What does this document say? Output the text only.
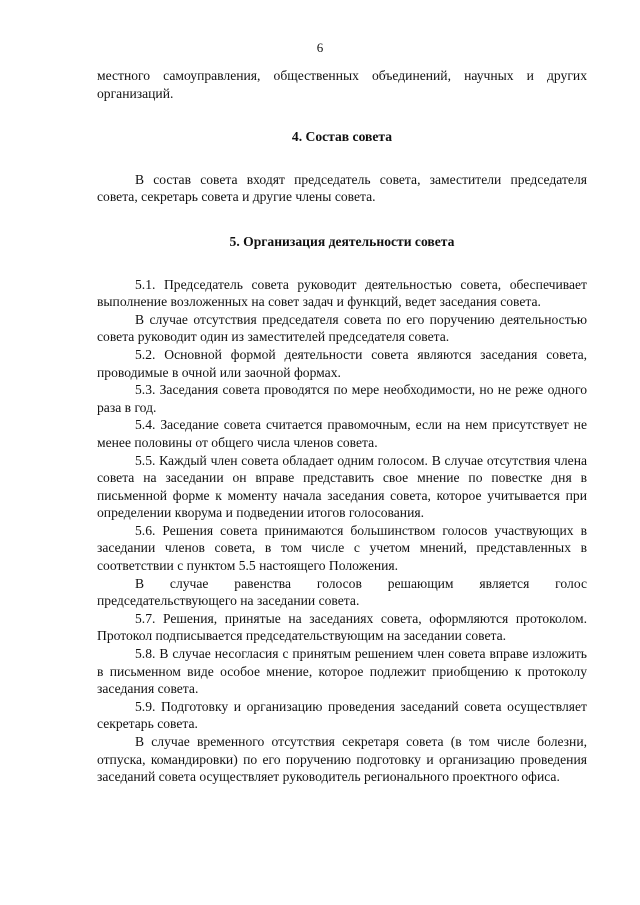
6

местного самоуправления, общественных объединений, научных и других организаций.

4. Состав совета

В состав совета входят председатель совета, заместители председателя совета, секретарь совета и другие члены совета.

5. Организация деятельности совета

5.1. Председатель совета руководит деятельностью совета, обеспечивает выполнение возложенных на совет задач и функций, ведет заседания совета.

В случае отсутствия председателя совета по его поручению деятельностью совета руководит один из заместителей председателя совета.

5.2. Основной формой деятельности совета являются заседания совета, проводимые в очной или заочной формах.

5.3. Заседания совета проводятся по мере необходимости, но не реже одного раза в год.

5.4. Заседание совета считается правомочным, если на нем присутствует не менее половины от общего числа членов совета.

5.5. Каждый член совета обладает одним голосом. В случае отсутствия члена совета на заседании он вправе представить свое мнение по повестке дня в письменной форме к моменту начала заседания совета, которое учитывается при определении кворума и подведении итогов голосования.

5.6. Решения совета принимаются большинством голосов участвующих в заседании членов совета, в том числе с учетом мнений, представленных в соответствии с пунктом 5.5 настоящего Положения.

В случае равенства голосов решающим является голос председательствующего на заседании совета.

5.7. Решения, принятые на заседаниях совета, оформляются протоколом. Протокол подписывается председательствующим на заседании совета.

5.8. В случае несогласия с принятым решением член совета вправе изложить в письменном виде особое мнение, которое подлежит приобщению к протоколу заседания совета.

5.9. Подготовку и организацию проведения заседаний совета осуществляет секретарь совета.

В случае временного отсутствия секретаря совета (в том числе болезни, отпуска, командировки) по его поручению подготовку и организацию проведения заседаний совета осуществляет руководитель регионального проектного офиса.
